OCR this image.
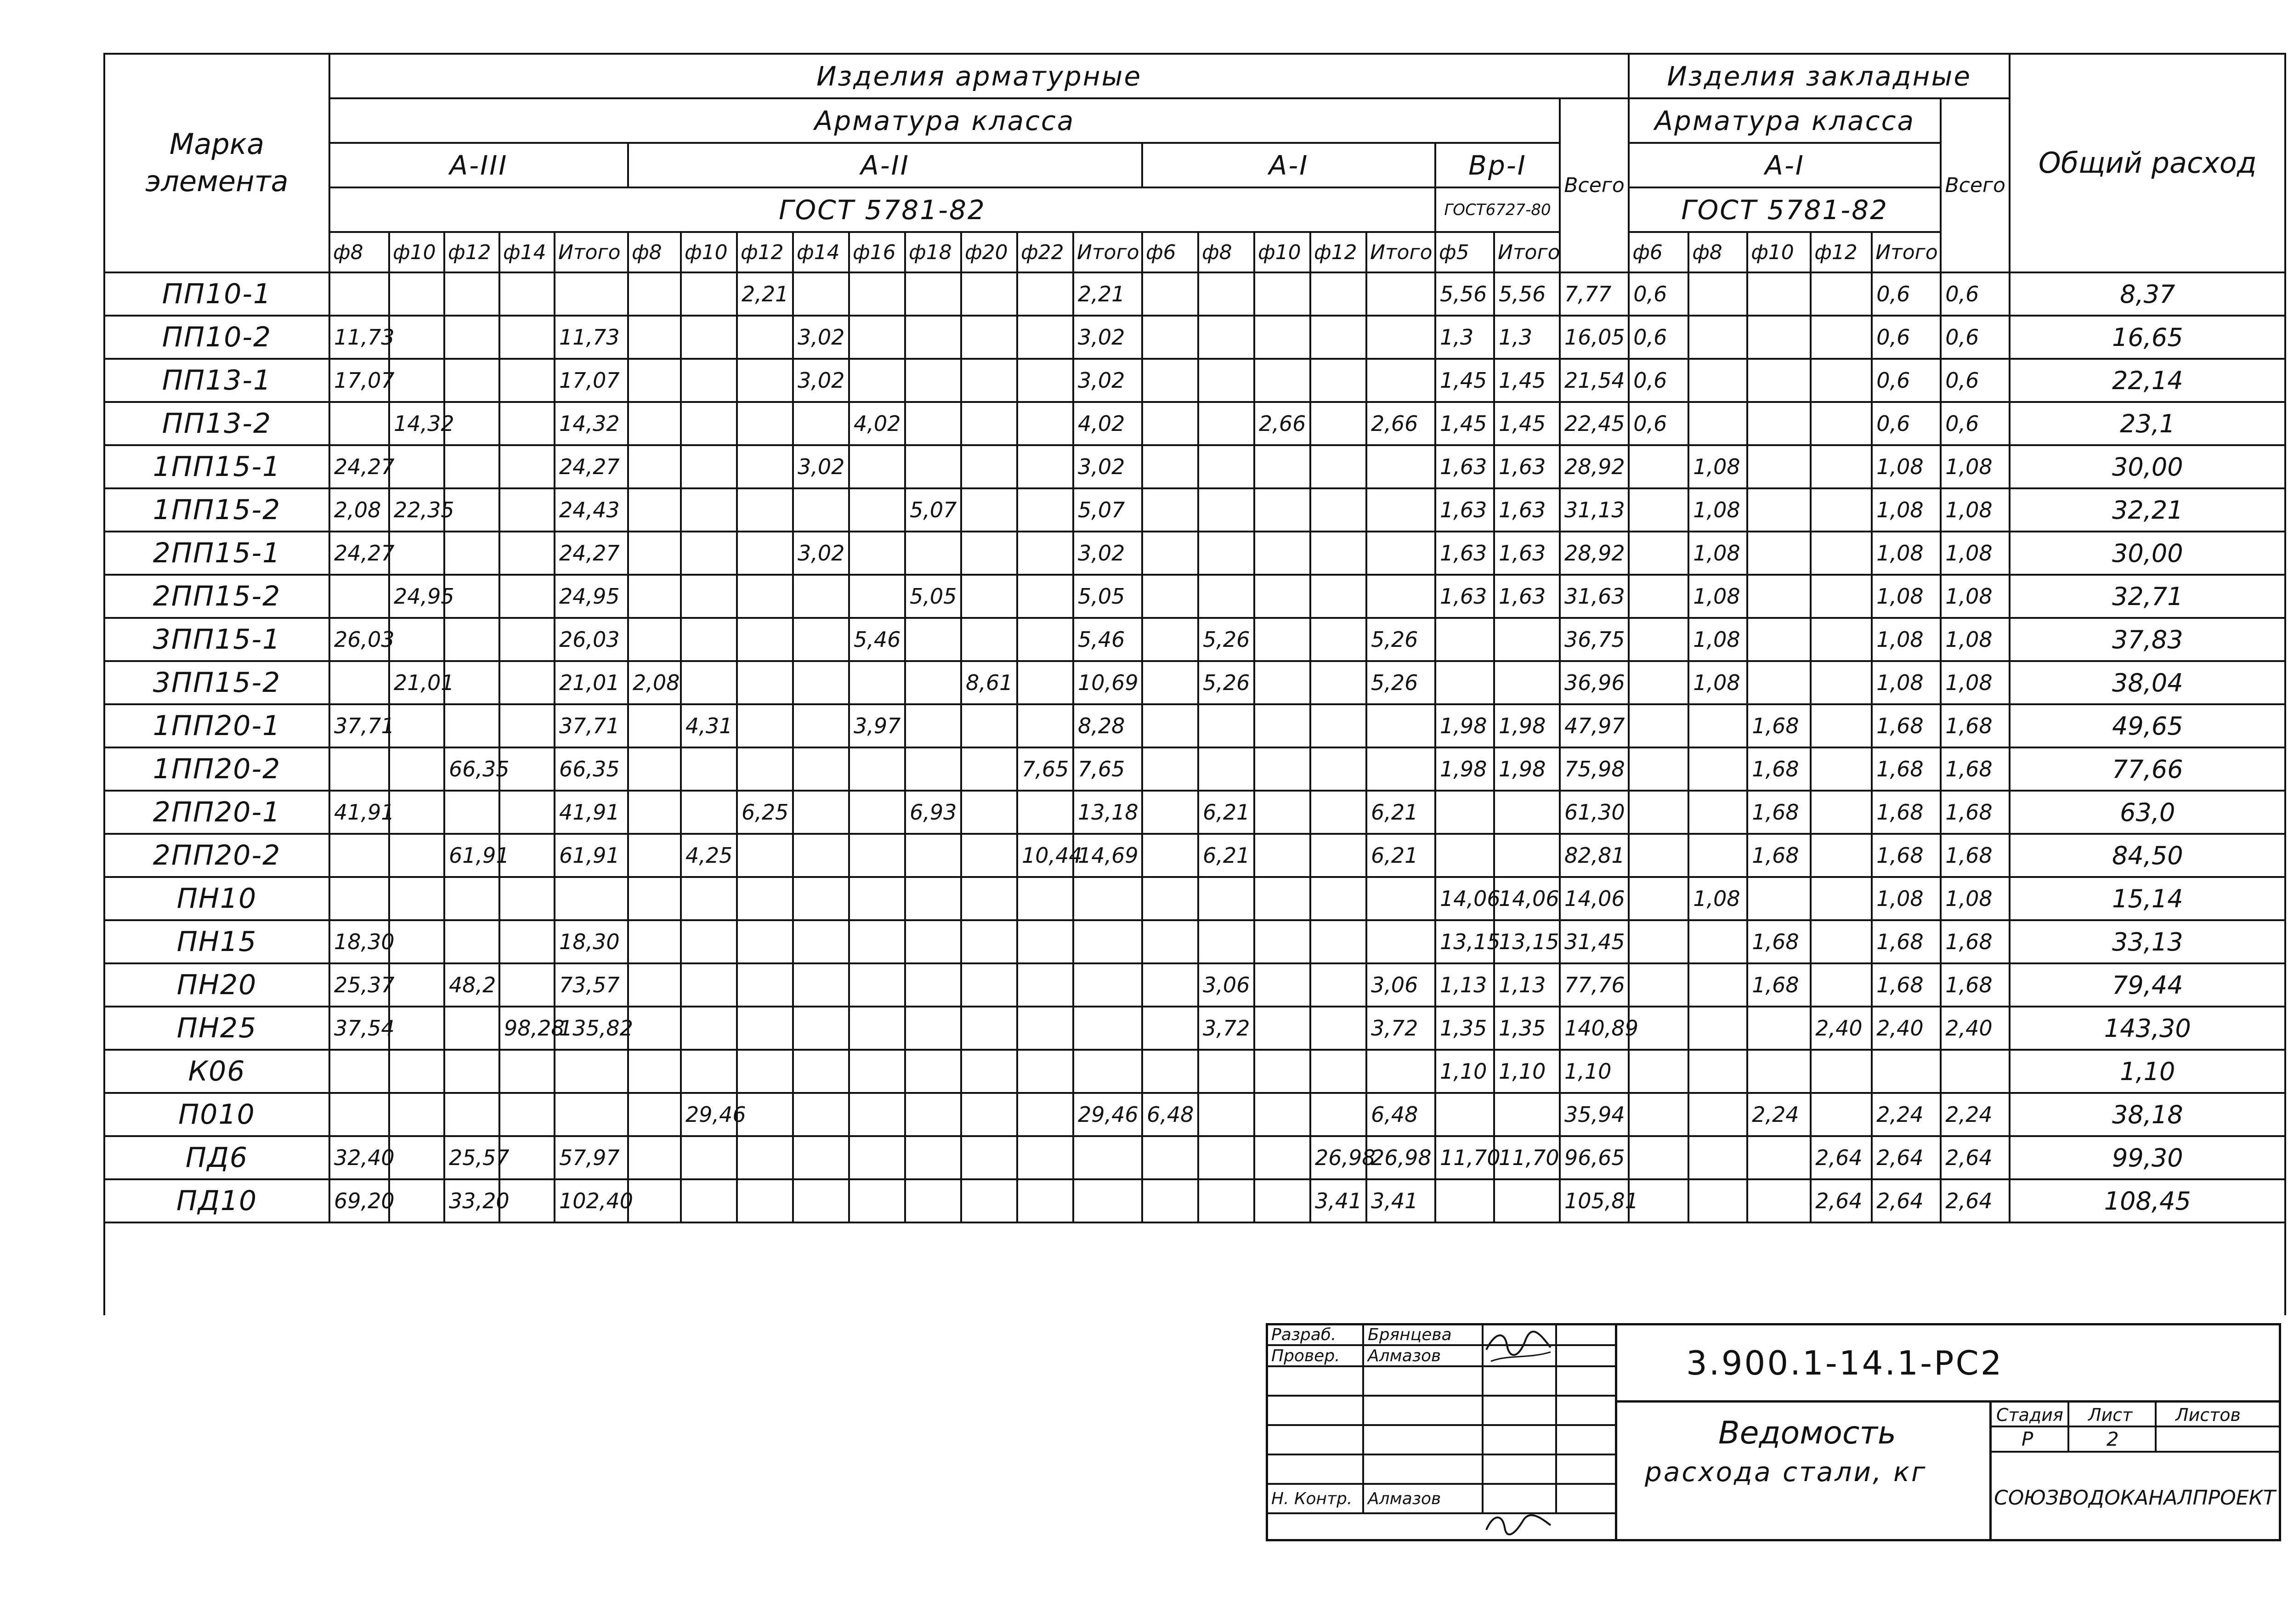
Марка
элемента	Изделия арматурные																						Изделия закладные						Общий расход
	Арматура класса																					Всего	Арматура класса					Всего	
	А-III					А-II									А-I					Вр-I			А-I						
	ГОСТ 5781-82																			ГОСТ6727-80			ГОСТ 5781-82						
	ф8	ф10	ф12	ф14	Итого	ф8	ф10	ф12	ф14	ф16	ф18	ф20	ф22	Итого	ф6	ф8	ф10	ф12	Итого	ф5	Итого		ф6	ф8	ф10	ф12	Итого		
ПП10-1								2,21						2,21						5,56	5,56	7,77	0,6				0,6	0,6	8,37
ПП10-2	11,73				11,73				3,02					3,02						1,3	1,3	16,05	0,6				0,6	0,6	16,65
ПП13-1	17,07				17,07				3,02					3,02						1,45	1,45	21,54	0,6				0,6	0,6	22,14
ПП13-2		14,32			14,32					4,02				4,02			2,66		2,66	1,45	1,45	22,45	0,6				0,6	0,6	23,1
1ПП15-1	24,27				24,27				3,02					3,02						1,63	1,63	28,92		1,08			1,08	1,08	30,00
1ПП15-2	2,08	22,35			24,43						5,07			5,07						1,63	1,63	31,13		1,08			1,08	1,08	32,21
2ПП15-1	24,27				24,27				3,02					3,02						1,63	1,63	28,92		1,08			1,08	1,08	30,00
2ПП15-2		24,95			24,95						5,05			5,05						1,63	1,63	31,63		1,08			1,08	1,08	32,71
3ПП15-1	26,03				26,03					5,46				5,46		5,26			5,26			36,75		1,08			1,08	1,08	37,83
3ПП15-2		21,01			21,01	2,08						8,61		10,69		5,26			5,26			36,96		1,08			1,08	1,08	38,04
1ПП20-1	37,71				37,71		4,31			3,97				8,28						1,98	1,98	47,97			1,68		1,68	1,68	49,65
1ПП20-2			66,35		66,35								7,65	7,65						1,98	1,98	75,98			1,68		1,68	1,68	77,66
2ПП20-1	41,91				41,91			6,25			6,93			13,18		6,21			6,21			61,30			1,68		1,68	1,68	63,0
2ПП20-2			61,91		61,91		4,25						10,44	14,69		6,21			6,21			82,81			1,68		1,68	1,68	84,50
ПН10																				14,06	14,06	14,06		1,08			1,08	1,08	15,14
ПН15	18,30				18,30															13,15	13,15	31,45			1,68		1,68	1,68	33,13
ПН20	25,37		48,2		73,57											3,06			3,06	1,13	1,13	77,76			1,68		1,68	1,68	79,44
ПН25	37,54			98,28	135,82											3,72			3,72	1,35	1,35	140,89				2,40	2,40	2,40	143,30
К06																				1,10	1,10	1,10							1,10
П010							29,46							29,46	6,48				6,48			35,94			2,24		2,24	2,24	38,18
ПД6	32,40		25,57		57,97													26,98	26,98	11,70	11,70	96,65				2,64	2,64	2,64	99,30
ПД10	69,20		33,20		102,40													3,41	3,41			105,81				2,64	2,64	2,64	108,45

Разраб.	Брянцева		
Провер.	Алмазов		

Н. Контр.	Алмазов		
3.900.1-14.1-РС2
Ведомость
расхода стали, кг
Стадия Лист Листов
Р	2
СОЮЗВОДОКАНАЛПРОЕКТ
